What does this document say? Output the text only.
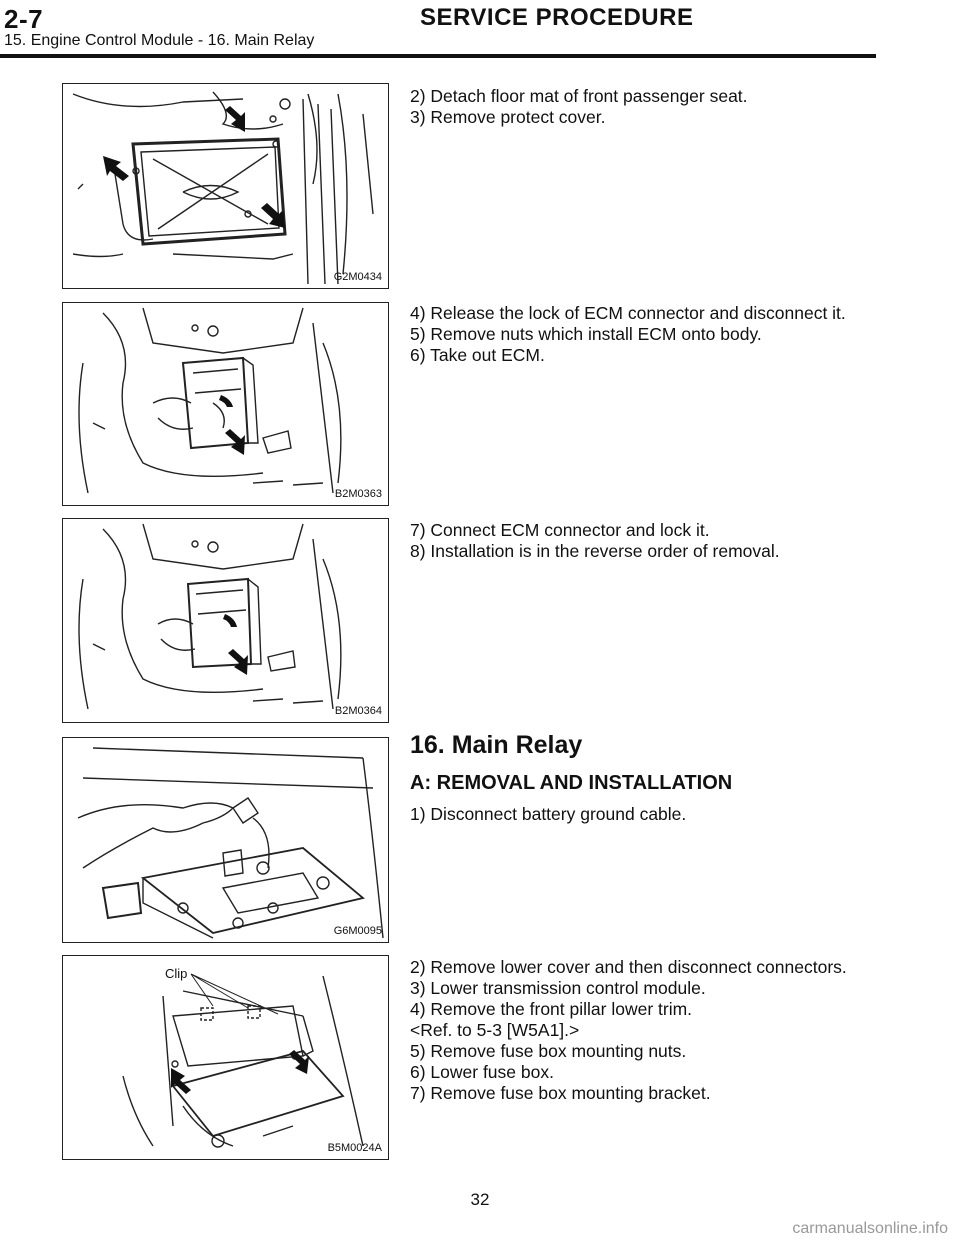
2-7	SERVICE PROCEDURE
15. Engine Control Module - 16. Main Relay
G2M0434
B2M0363
B2M0364
G6M0095
Clip
B5M0024A
2) Detach floor mat of front passenger seat.
3) Remove protect cover.
4) Release the lock of ECM connector and disconnect it.
5) Remove nuts which install ECM onto body.
6) Take out ECM.
7) Connect ECM connector and lock it.
8) Installation is in the reverse order of removal.
16. Main Relay
A: REMOVAL AND INSTALLATION
1) Disconnect battery ground cable.
2) Remove lower cover and then disconnect connectors.
3) Lower transmission control module.
4) Remove the front pillar lower trim.
<Ref. to 5-3 [W5A1].>
5) Remove fuse box mounting nuts.
6) Lower fuse box.
7) Remove fuse box mounting bracket.
32
carmanualsonline.info
